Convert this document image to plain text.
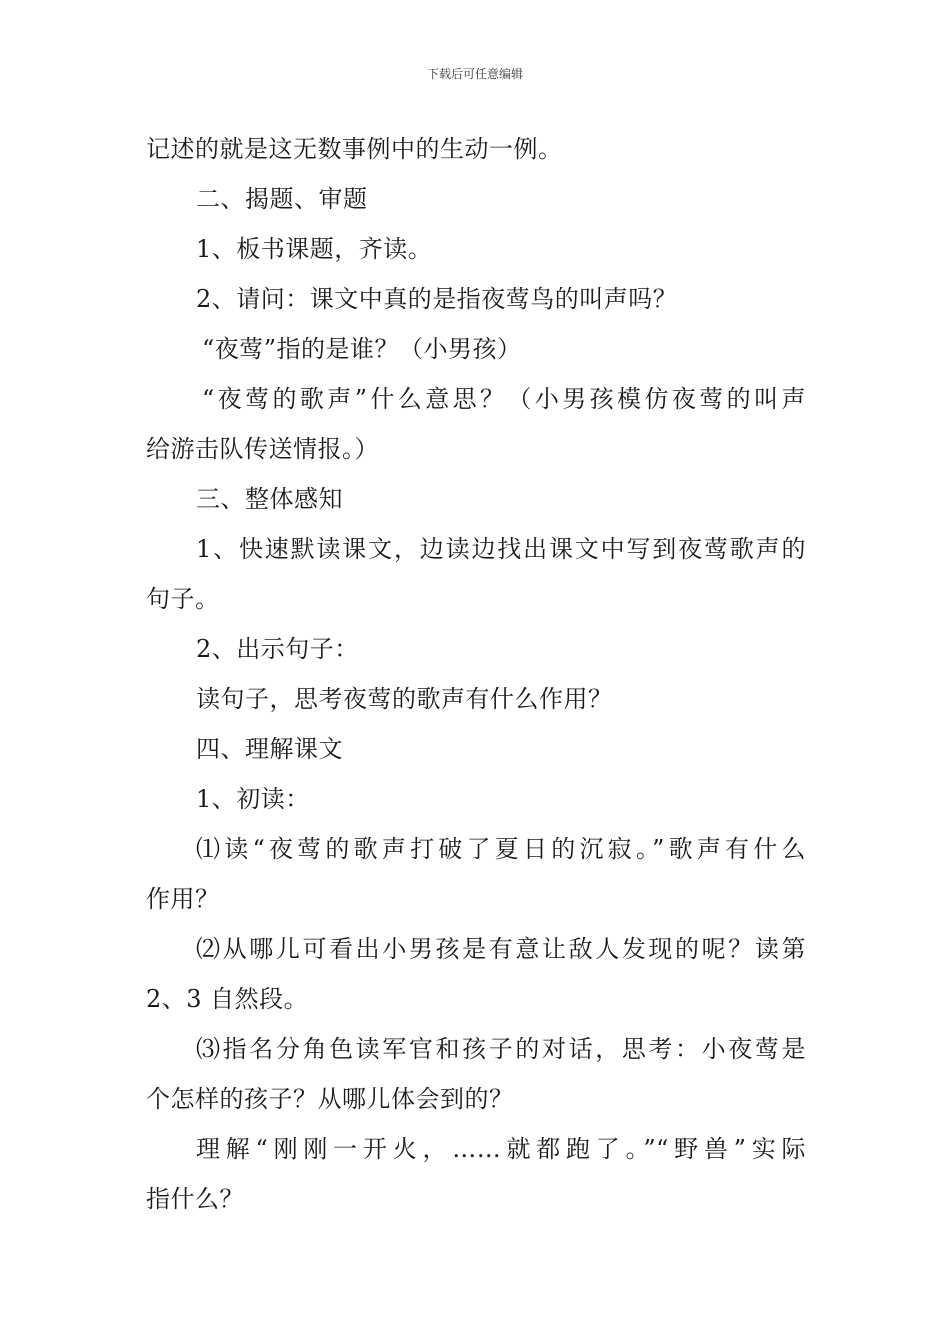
下载后可任意编辑
记述的就是这无数事例中的生动一例。
二、揭题、审题
1、板书课题，齐读。
2、请问：课文中真的是指夜莺鸟的叫声吗？
“夜莺”指的是谁？（小男孩）
“夜莺的歌声”什么意思？（小男孩模仿夜莺的叫声
给游击队传送情报。）
三、整体感知
1、快速默读课文，边读边找出课文中写到夜莺歌声的
句子。
2、出示句子：
读句子，思考夜莺的歌声有什么作用？
四、理解课文
1、初读：
⑴读“夜莺的歌声打破了夏日的沉寂。”歌声有什么
作用？
⑵从哪儿可看出小男孩是有意让敌人发现的呢？读第
2、3 自然段。
⑶指名分角色读军官和孩子的对话，思考：小夜莺是
个怎样的孩子？从哪儿体会到的？
理解“刚刚一开火，……就都跑了。”“野兽”实际
指什么？
